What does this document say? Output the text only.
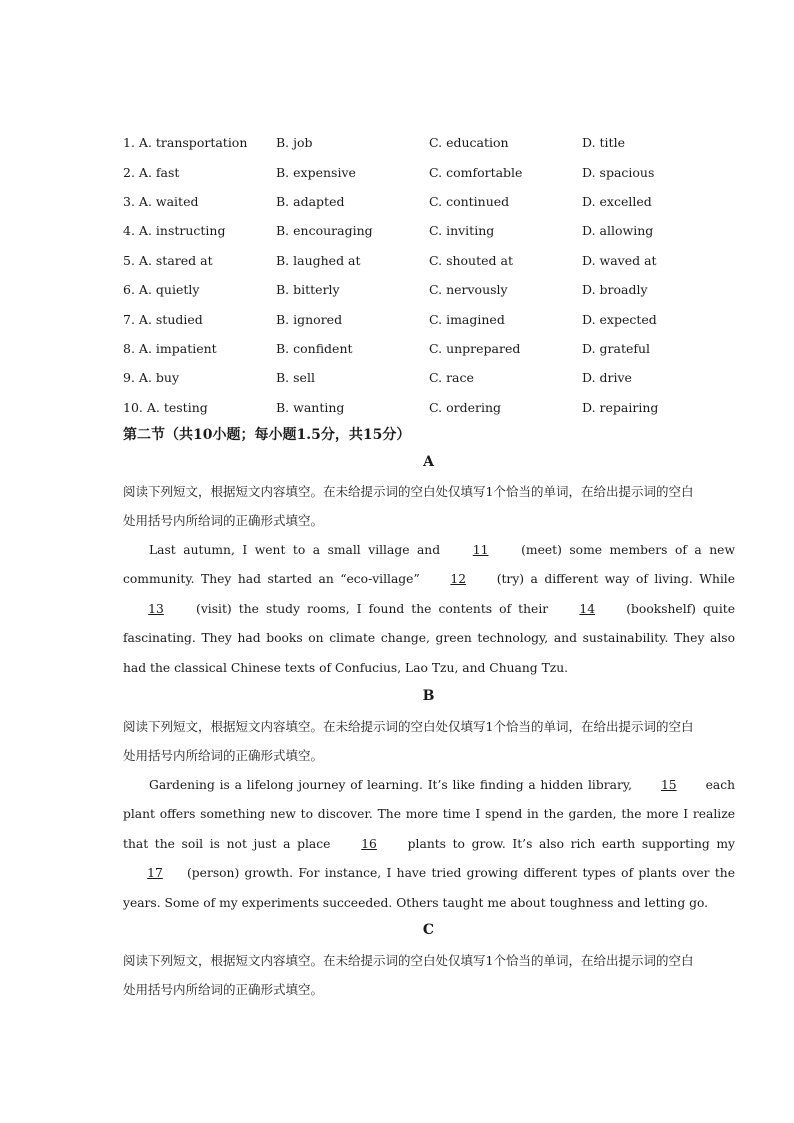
1. A. transportation	B. job	C. education	D. title
2. A. fast	B. expensive	C. comfortable	D. spacious
3. A. waited	B. adapted	C. continued	D. excelled
4. A. instructing	B. encouraging	C. inviting	D. allowing
5. A. stared at	B. laughed at	C. shouted at	D. waved at
6. A. quietly	B. bitterly	C. nervously	D. broadly
7. A. studied	B. ignored	C. imagined	D. expected
8. A. impatient	B. confident	C. unprepared	D. grateful
9. A. buy	B. sell	C. race	D. drive
10. A. testing	B. wanting	C. ordering	D. repairing
第二节（共10小题；每小题1.5分，共15分）
A
阅读下列短文，根据短文内容填空。在未给提示词的空白处仅填写1个恰当的单词，在给出提示词的空白
处用括号内所给词的正确形式填空。
Last autumn, I went to a small village and 11 (meet) some members of a new community. They had started an “eco-village” 12 (try) a different way of living. While 13 (visit) the study rooms, I found the contents of their 14 (bookshelf) quite fascinating. They had books on climate change, green technology, and sustainability. They also had the classical Chinese texts of Confucius, Lao Tzu, and Chuang Tzu.
B
阅读下列短文，根据短文内容填空。在未给提示词的空白处仅填写1个恰当的单词，在给出提示词的空白
处用括号内所给词的正确形式填空。
Gardening is a lifelong journey of learning. It’s like finding a hidden library, 15 each plant offers something new to discover. The more time I spend in the garden, the more I realize that the soil is not just a place 16 plants to grow. It’s also rich earth supporting my 17 (person) growth. For instance, I have tried growing different types of plants over the years. Some of my experiments succeeded. Others taught me about toughness and letting go.
C
阅读下列短文，根据短文内容填空。在未给提示词的空白处仅填写1个恰当的单词，在给出提示词的空白
处用括号内所给词的正确形式填空。
